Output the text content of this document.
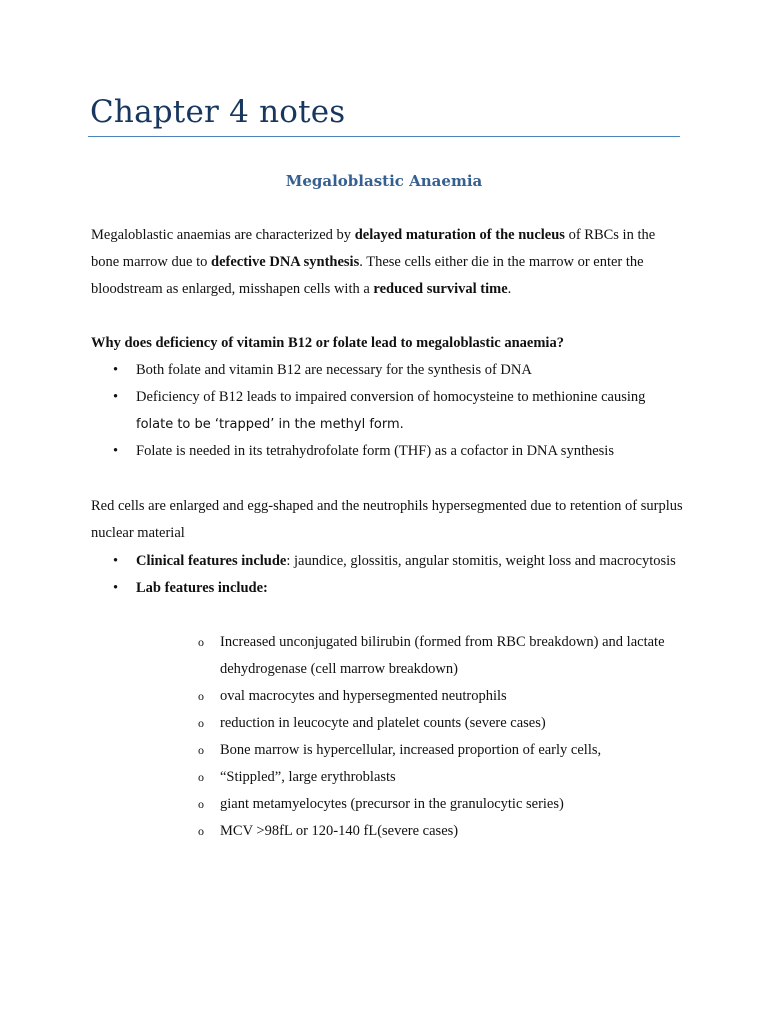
Chapter 4 notes
Megaloblastic Anaemia

Megaloblastic anaemias are characterized by delayed maturation of the nucleus of RBCs in the bone marrow due to defective DNA synthesis. These cells either die in the marrow or enter the bloodstream as enlarged, misshapen cells with a reduced survival time.

Why does deficiency of vitamin B12 or folate lead to megaloblastic anaemia?

• Both folate and vitamin B12 are necessary for the synthesis of DNA
• Deficiency of B12 leads to impaired conversion of homocysteine to methionine causing
folate to be ‘trapped’ in the methyl form.
• Folate is needed in its tetrahydrofolate form (THF) as a cofactor in DNA synthesis

Red cells are enlarged and egg-shaped and the neutrophils hypersegmented due to retention of surplus nuclear material

• Clinical features include: jaundice, glossitis, angular stomitis, weight loss and macrocytosis
• Lab features include:
o Increased unconjugated bilirubin (formed from RBC breakdown) and lactate dehydrogenase (cell marrow breakdown)
o oval macrocytes and hypersegmented neutrophils
o reduction in leucocyte and platelet counts (severe cases)
o Bone marrow is hypercellular, increased proportion of early cells,
o “Stippled”, large erythroblasts
o giant metamyelocytes (precursor in the granulocytic series)
o MCV >98fL or 120-140 fL(severe cases)
